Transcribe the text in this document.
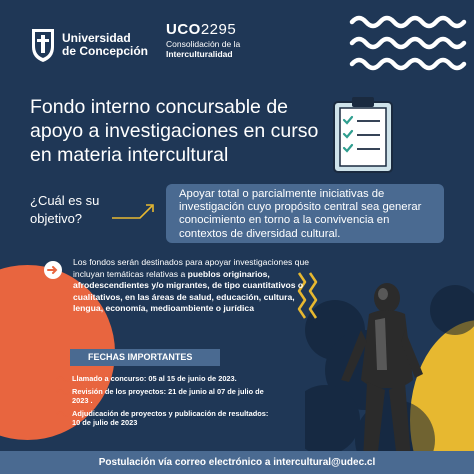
Universidad
de Concepción
UCO2295
Consolidación de la
Interculturalidad
Fondo interno concursable de apoyo a investigaciones en curso en materia intercultural
¿Cuál es su objetivo?
Apoyar total o parcialmente iniciativas de investigación cuyo propósito central sea generar conocimiento en torno a la convivencia en contextos de diversidad cultural.

Los fondos serán destinados para apoyar investigaciones que incluyan temáticas relativas a pueblos originarios, afrodescendientes y/o migrantes, de tipo cuantitativos o cualitativos, en las áreas de salud, educación, cultura, lengua, economía, medioambiente o jurídica

FECHAS IMPORTANTES
Llamado a concurso: 05 al 15 de junio de 2023.
Revisión de los proyectos: 21 de junio al 07 de julio de 2023 .
Adjudicación de proyectos y publicación de resultados: 10 de julio de 2023
Postulación vía correo electrónico a intercultural@udec.cl
